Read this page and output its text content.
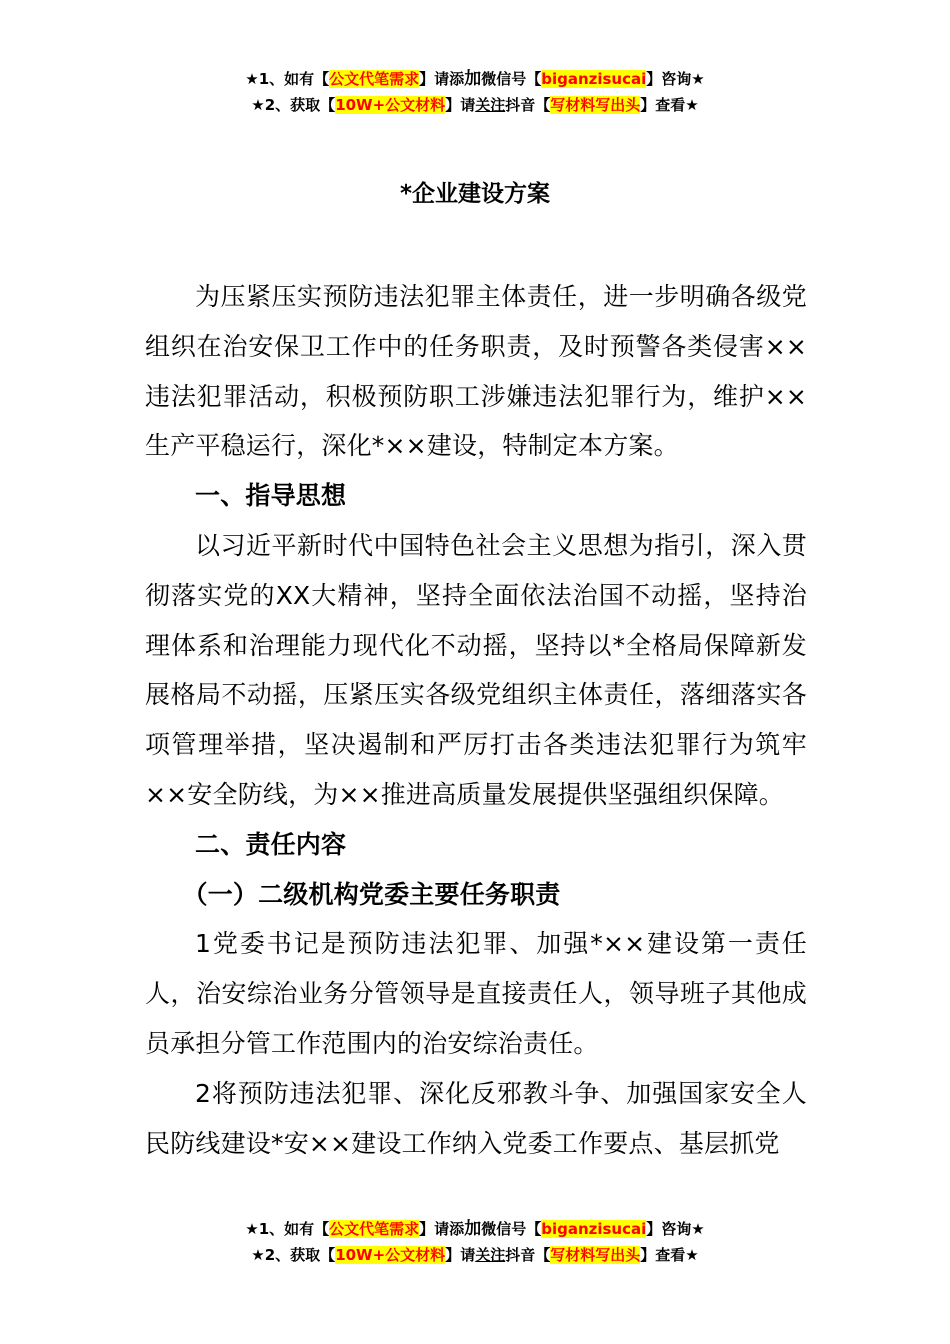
★1、如有【公文代笔需求】请添加微信号【biganzisucai】咨询★
★2、获取【10W+公文材料】请关注抖音【写材料写出头】查看★
*企业建设方案

为压紧压实预防违法犯罪主体责任，进一步明确各级党组织在治安保卫工作中的任务职责，及时预警各类侵害××违法犯罪活动，积极预防职工涉嫌违法犯罪行为，维护××生产平稳运行，深化*××建设，特制定本方案。

一、指导思想

以习近平新时代中国特色社会主义思想为指引，深入贯彻落实党的XX大精神，坚持全面依法治国不动摇，坚持治理体系和治理能力现代化不动摇，坚持以*全格局保障新发展格局不动摇，压紧压实各级党组织主体责任，落细落实各项管理举措，坚决遏制和严厉打击各类违法犯罪行为筑牢××安全防线，为××推进高质量发展提供坚强组织保障。

二、责任内容

（一）二级机构党委主要任务职责

1党委书记是预防违法犯罪、加强*××建设第一责任人，治安综治业务分管领导是直接责任人，领导班子其他成员承担分管工作范围内的治安综治责任。

2将预防违法犯罪、深化反邪教斗争、加强国家安全人民防线建设*安××建设工作纳入党委工作要点、基层抓党

★1、如有【公文代笔需求】请添加微信号【biganzisucai】咨询★
★2、获取【10W+公文材料】请关注抖音【写材料写出头】查看★
